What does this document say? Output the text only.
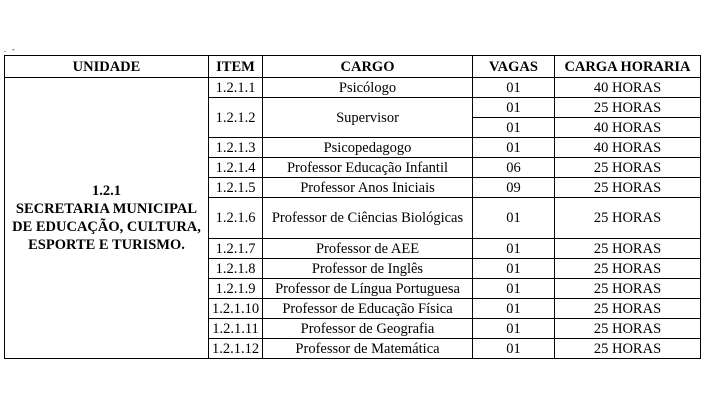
. -
UNIDADE	ITEM	CARGO	VAGAS	CARGA HORARIA

1.2.1
SECRETARIA MUNICIPAL DE EDUCAÇÃO, CULTURA, ESPORTE E TURISMO.	1.2.1.1	Psicólogo	01	40 HORAS
	1.2.1.2	Supervisor	01	25 HORAS
			01	40 HORAS
	1.2.1.3	Psicopedagogo	01	40 HORAS
	1.2.1.4	Professor Educação Infantil	06	25 HORAS
	1.2.1.5	Professor Anos Iniciais	09	25 HORAS
	1.2.1.6	Professor de Ciências Biológicas	01	25 HORAS
	1.2.1.7	Professor de AEE	01	25 HORAS
	1.2.1.8	Professor de Inglês	01	25 HORAS
	1.2.1.9	Professor de Língua Portuguesa	01	25 HORAS
	1.2.1.10	Professor de Educação Física	01	25 HORAS
	1.2.1.11	Professor de Geografia	01	25 HORAS
	1.2.1.12	Professor de Matemática	01	25 HORAS
